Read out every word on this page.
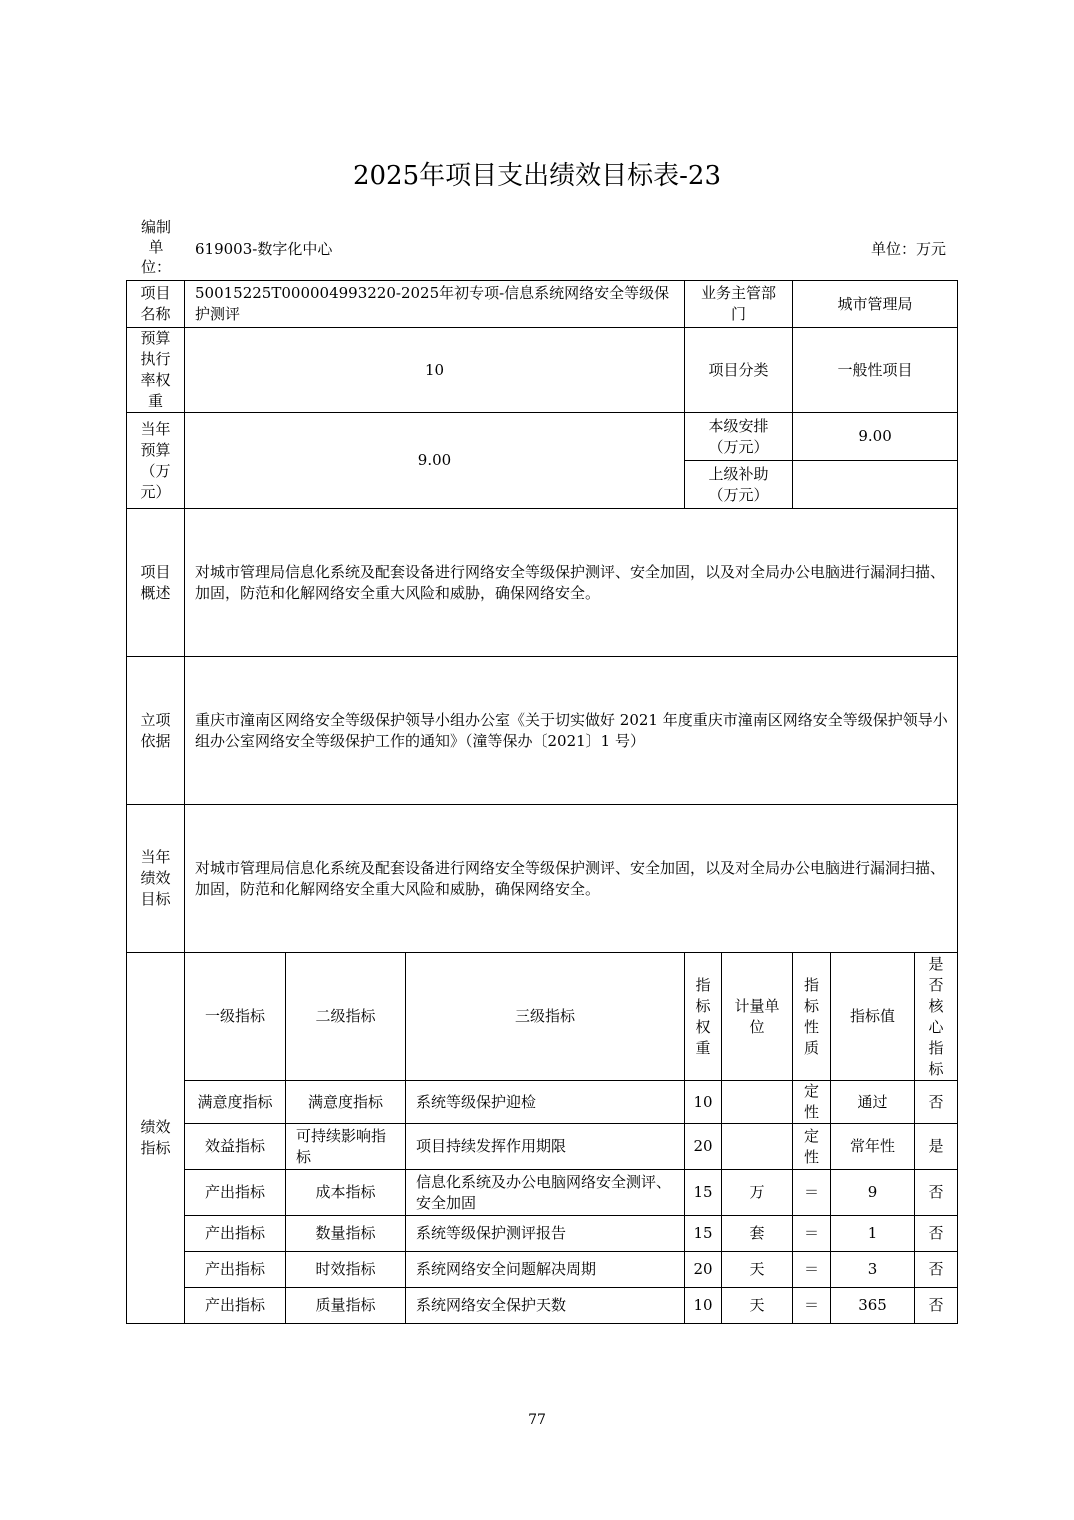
2025年项目支出绩效目标表-23
编制单位：
619003-数字化中心	单位：万元
项目名称	50015225T000004993220-2025年初专项-信息系统网络安全等级保护测评			业务主管部门		城市管理局		
预算执行率权重	10			项目分类		一般性项目		
当年预算（万元）	9.00			本级安排（万元）		9.00		
				上级补助（万元）				
项目概述	对城市管理局信息化系统及配套设备进行网络安全等级保护测评、安全加固，以及对全局办公电脑进行漏洞扫描、加固，防范和化解网络安全重大风险和威胁，确保网络安全。							
立项依据	重庆市潼南区网络安全等级保护领导小组办公室《关于切实做好 2021 年度重庆市潼南区网络安全等级保护领导小组办公室网络安全等级保护工作的通知》（潼等保办〔2021〕1 号）							
当年绩效目标	对城市管理局信息化系统及配套设备进行网络安全等级保护测评、安全加固，以及对全局办公电脑进行漏洞扫描、加固，防范和化解网络安全重大风险和威胁，确保网络安全。							
绩效指标	一级指标	二级指标	三级指标	指标权重	计量单位	指标性质	指标值	是否核心指标
	满意度指标	满意度指标	系统等级保护迎检	10		定性	通过	否
	效益指标	可持续影响指标	项目持续发挥作用期限	20		定性	常年性	是
	产出指标	成本指标	信息化系统及办公电脑网络安全测评、安全加固	15	万	＝	9	否
	产出指标	数量指标	系统等级保护测评报告	15	套	＝	1	否
	产出指标	时效指标	系统网络安全问题解决周期	20	天	＝	3	否
	产出指标	质量指标	系统网络安全保护天数	10	天	＝	365	否
77
